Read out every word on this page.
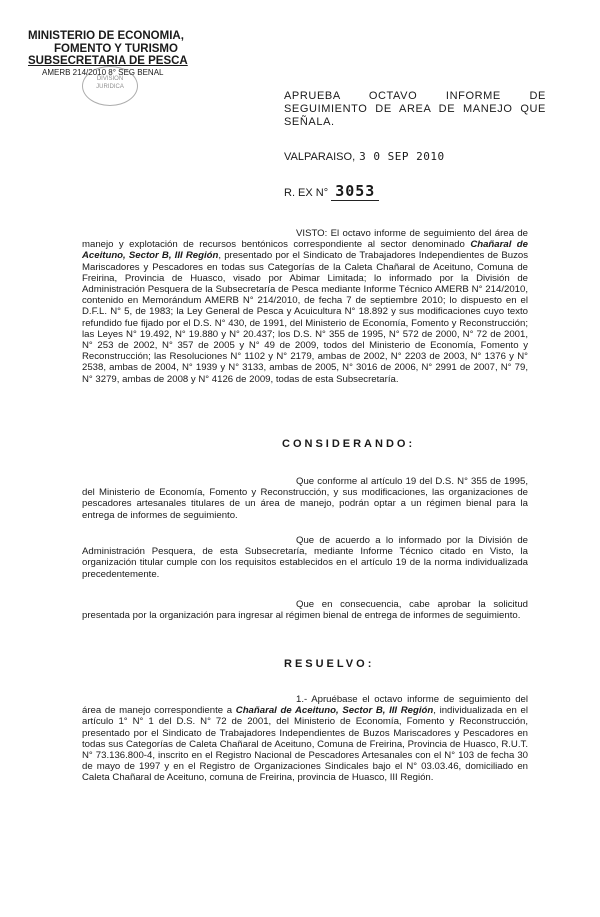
MINISTERIO DE ECONOMIA,
FOMENTO Y TURISMO
SUBSECRETARIA DE PESCA
AMERB 214/2010 8° SEG BENAL
DIVISION JURIDICA
APRUEBA OCTAVO INFORME DE SEGUIMIENTO DE AREA DE MANEJO QUE SEÑALA.
VALPARAISO, 3 0 SEP 2010
R. EX N° 3053
VISTO: El octavo informe de seguimiento del área de manejo y explotación de recursos bentónicos correspondiente al sector denominado Chañaral de Aceituno, Sector B, III Región, presentado por el Sindicato de Trabajadores Independientes de Buzos Mariscadores y Pescadores en todas sus Categorías de la Caleta Chañaral de Aceituno, Comuna de Freirina, Provincia de Huasco, visado por Abimar Limitada; lo informado por la División de Administración Pesquera de la Subsecretaría de Pesca mediante Informe Técnico AMERB N° 214/2010, contenido en Memorándum AMERB N° 214/2010, de fecha 7 de septiembre 2010; lo dispuesto en el D.F.L. N° 5, de 1983; la Ley General de Pesca y Acuicultura N° 18.892 y sus modificaciones cuyo texto refundido fue fijado por el D.S. N° 430, de 1991, del Ministerio de Economía, Fomento y Reconstrucción; las Leyes N° 19.492, N° 19.880 y N° 20.437; los D.S. N° 355 de 1995, N° 572 de 2000, N° 72 de 2001, N° 253 de 2002, N° 357 de 2005 y N° 49 de 2009, todos del Ministerio de Economía, Fomento y Reconstrucción; las Resoluciones N° 1102 y N° 2179, ambas de 2002, N° 2203 de 2003, N° 1376 y N° 2538, ambas de 2004, N° 1939 y N° 3133, ambas de 2005, N° 3016 de 2006, N° 2991 de 2007, N° 79, N° 3279, ambas de 2008 y N° 4126 de 2009, todas de esta Subsecretaría.
CONSIDERANDO:
Que conforme al artículo 19 del D.S. N° 355 de 1995, del Ministerio de Economía, Fomento y Reconstrucción, y sus modificaciones, las organizaciones de pescadores artesanales titulares de un área de manejo, podrán optar a un régimen bienal para la entrega de informes de seguimiento.
Que de acuerdo a lo informado por la División de Administración Pesquera, de esta Subsecretaría, mediante Informe Técnico citado en Visto, la organización titular cumple con los requisitos establecidos en el artículo 19 de la norma individualizada precedentemente.
Que en consecuencia, cabe aprobar la solicitud presentada por la organización para ingresar al régimen bienal de entrega de informes de seguimiento.
RESUELVO:
1.- Apruébase el octavo informe de seguimiento del área de manejo correspondiente a Chañaral de Aceituno, Sector B, III Región, individualizada en el artículo 1° N° 1 del D.S. N° 72 de 2001, del Ministerio de Economía, Fomento y Reconstrucción, presentado por el Sindicato de Trabajadores Independientes de Buzos Mariscadores y Pescadores en todas sus Categorías de Caleta Chañaral de Aceituno, Comuna de Freirina, Provincia de Huasco, R.U.T. N° 73.136.800-4, inscrito en el Registro Nacional de Pescadores Artesanales con el N° 103 de fecha 30 de mayo de 1997 y en el Registro de Organizaciones Sindicales bajo el N° 03.03.46, domiciliado en Caleta Chañaral de Aceituno, comuna de Freirina, provincia de Huasco, III Región.
